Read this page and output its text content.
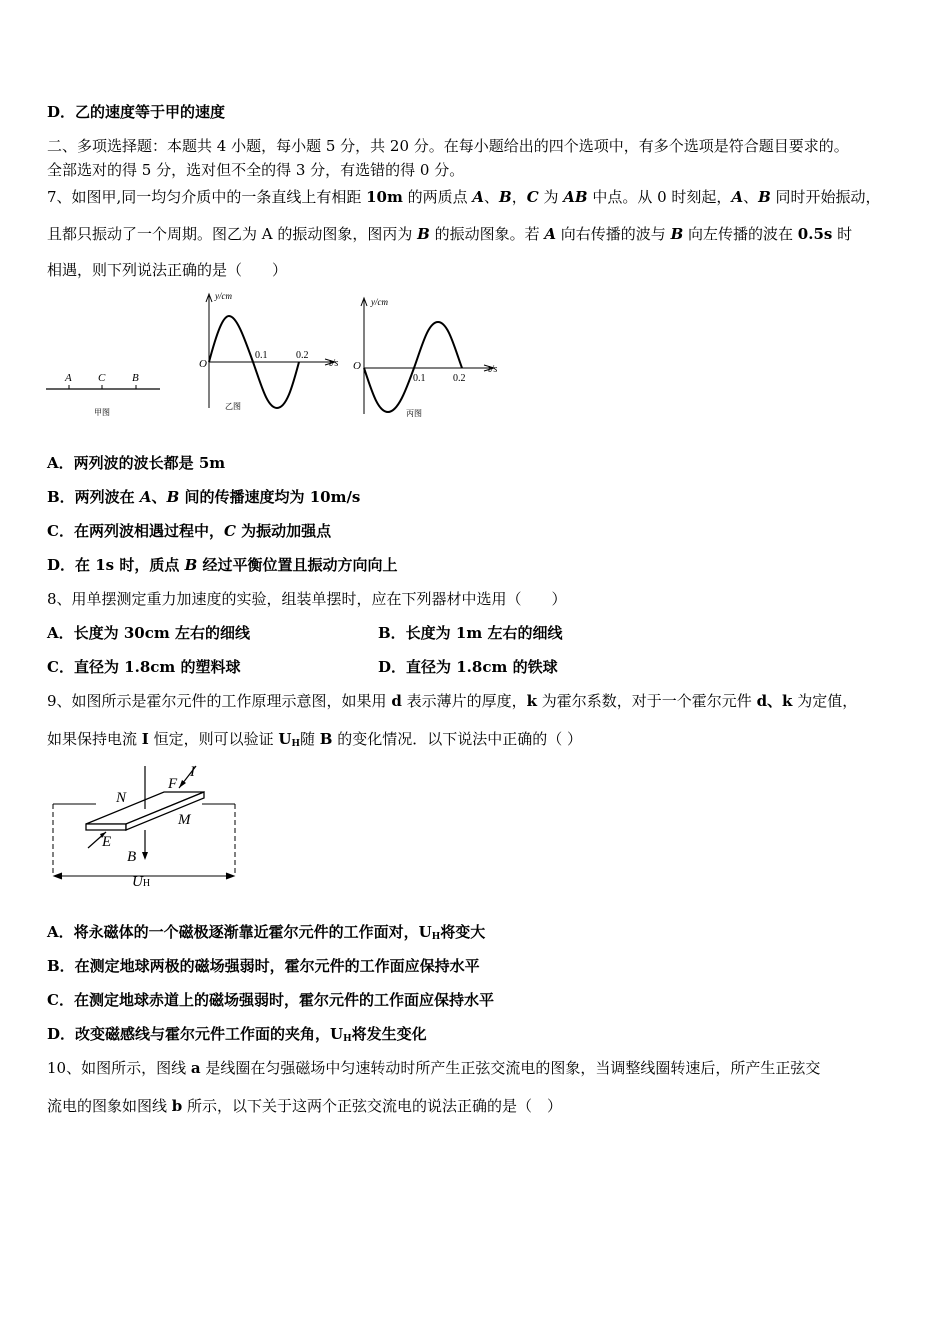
D．乙的速度等于甲的速度
二、多项选择题：本题共 4 小题，每小题 5 分，共 20 分。在每小题给出的四个选项中，有多个选项是符合题目要求的。
全部选对的得 5 分，选对但不全的得 3 分，有选错的得 0 分。
7、如图甲,同一均匀介质中的一条直线上有相距 10m 的两质点 A、B，C 为 AB 中点。从 0 时刻起，A、B 同时开始振动，
且都只振动了一个周期。图乙为 A 的振动图象，图丙为 B 的振动图象。若 A 向右传播的波与 B 向左传播的波在 0.5s 时
相遇，则下列说法正确的是（　　）
A C B
甲图
y/cm
t/s
O
0.1	0.2
乙图
y/cm
t/s
O
0.1	0.2
丙图
A．两列波的波长都是 5m
B．两列波在 A、B 间的传播速度均为 10m/s
C．在两列波相遇过程中，C 为振动加强点
D．在 1s 时，质点 B 经过平衡位置且振动方向向上
8、用单摆测定重力加速度的实验，组装单摆时，应在下列器材中选用（　　）
A．长度为 30cm 左右的细线	B．长度为 1m 左右的细线
C．直径为 1.8cm 的塑料球	D．直径为 1.8cm 的铁球
9、如图所示是霍尔元件的工作原理示意图，如果用 d 表示薄片的厚度，k 为霍尔系数，对于一个霍尔元件 d、k 为定值，
如果保持电流 I 恒定，则可以验证 $U_H$随 B 的变化情况．以下说法中正确的（ ）
N
F
I
M
E
B
UH
A．将永磁体的一个磁极逐渐靠近霍尔元件的工作面对，$U_H$将变大
B．在测定地球两极的磁场强弱时，霍尔元件的工作面应保持水平
C．在测定地球赤道上的磁场强弱时，霍尔元件的工作面应保持水平
D．改变磁感线与霍尔元件工作面的夹角，$U_H$将发生变化
10、如图所示，图线 a 是线圈在匀强磁场中匀速转动时所产生正弦交流电的图象，当调整线圈转速后，所产生正弦交
流电的图象如图线 b 所示，以下关于这两个正弦交流电的说法正确的是（　）
